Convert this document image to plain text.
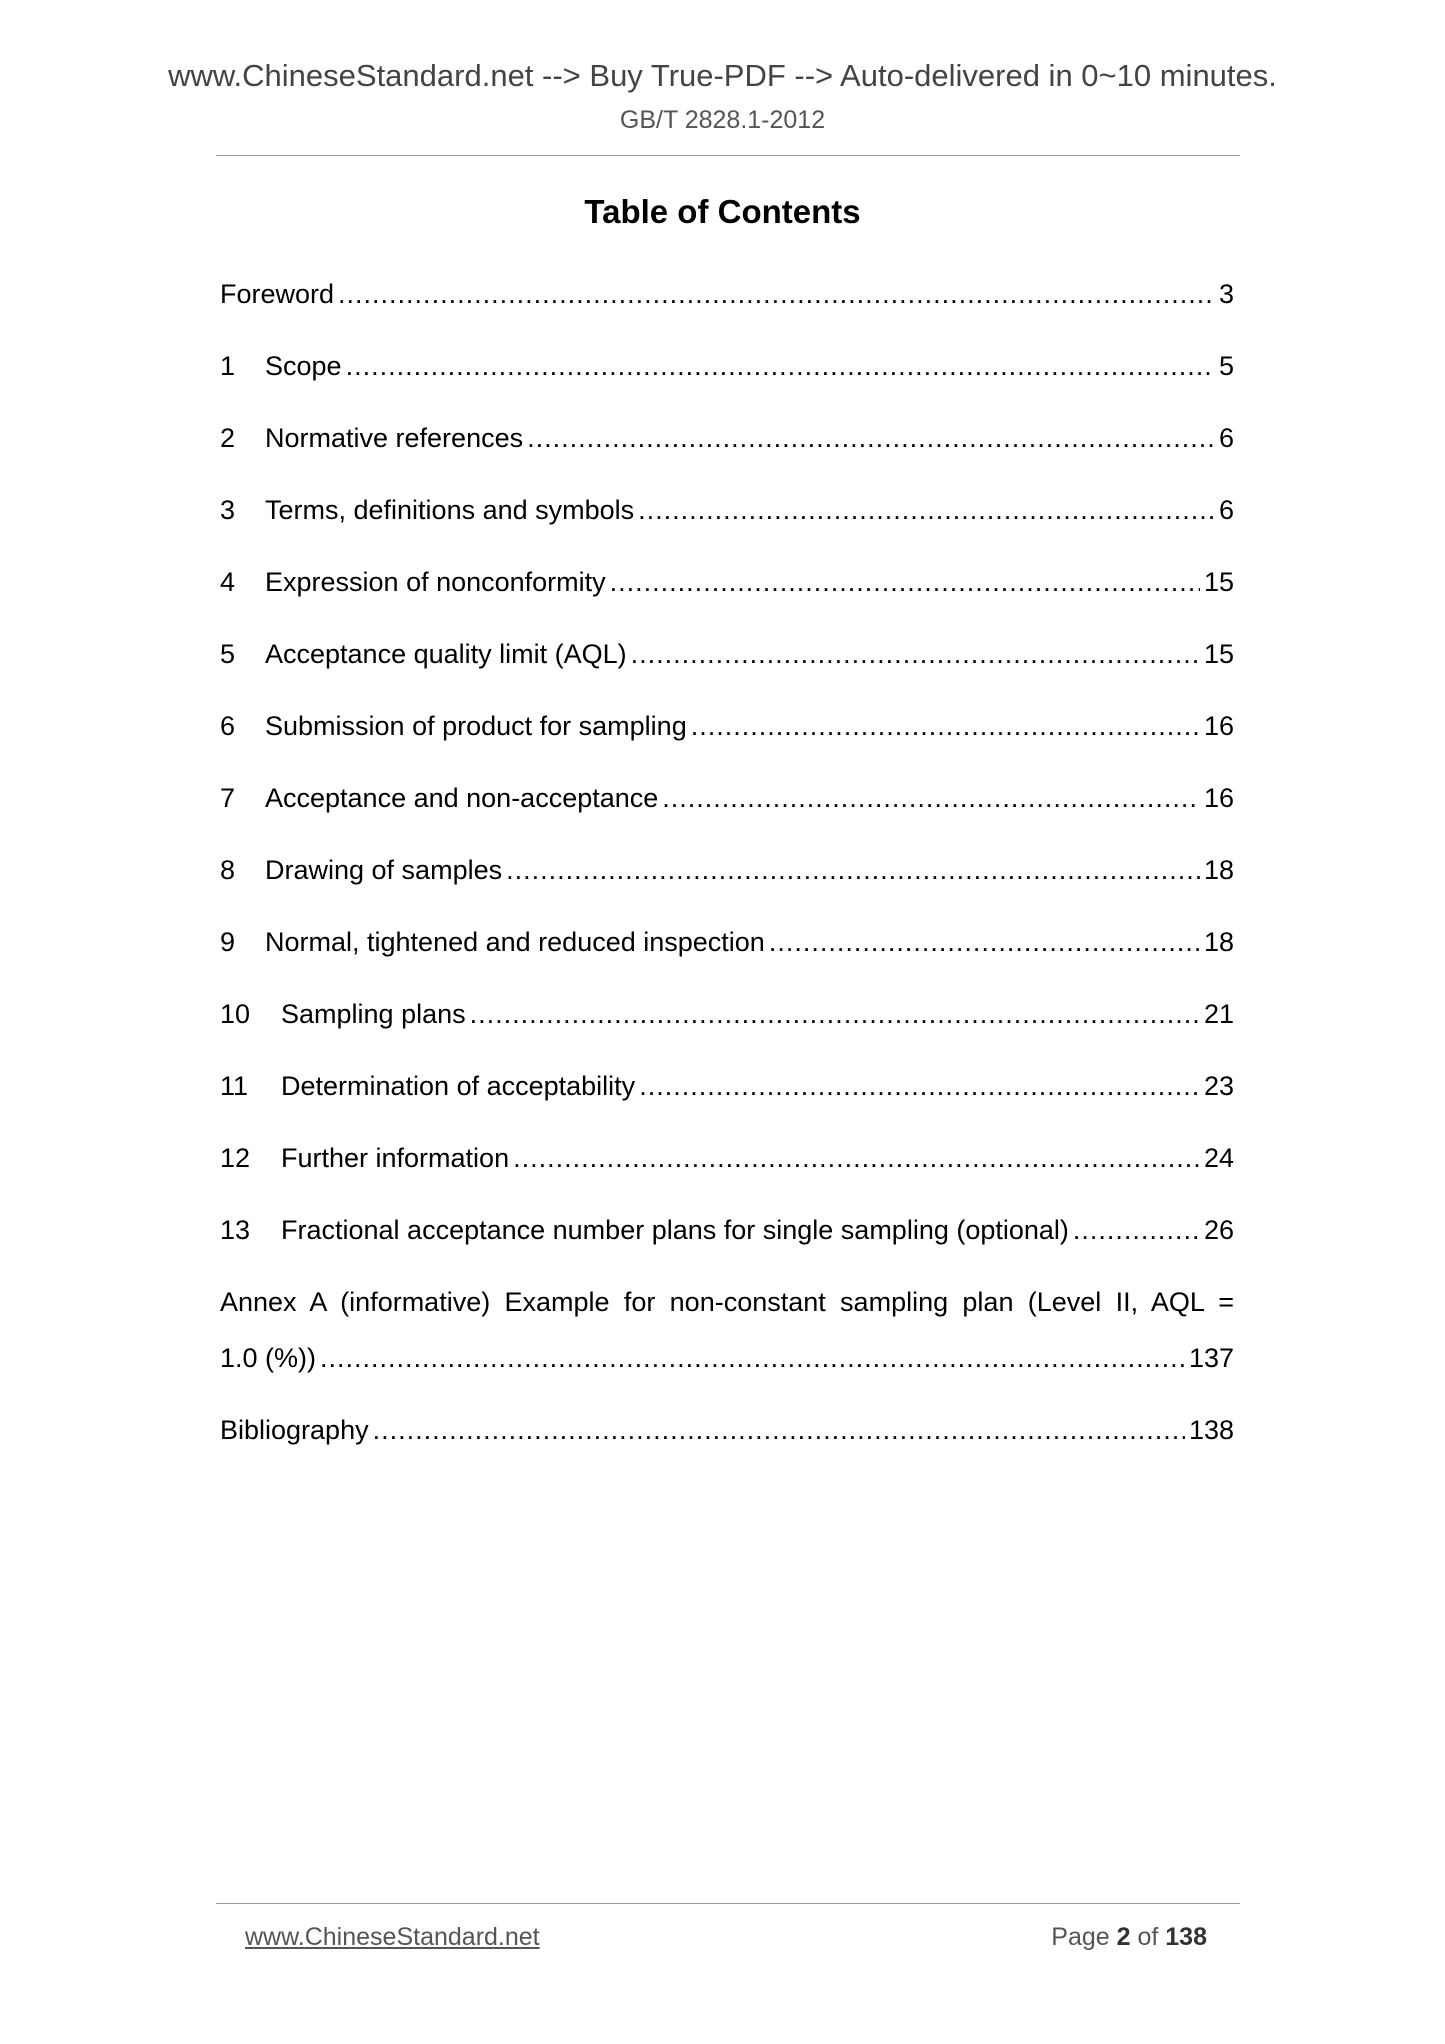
www.ChineseStandard.net --> Buy True-PDF --> Auto-delivered in 0~10 minutes.
GB/T 2828.1-2012
Table of Contents
Foreword .....	3
1	Scope .....	5
2	Normative references .....	6
3	Terms, definitions and symbols .....	6
4	Expression of nonconformity .....	15
5	Acceptance quality limit (AQL) .....	15
6	Submission of product for sampling .....	16
7	Acceptance and non-acceptance .....	16
8	Drawing of samples .....	18
9	Normal, tightened and reduced inspection .....	18
10	Sampling plans .....	21
11	Determination of acceptability .....	23
12	Further information .....	24
13	Fractional acceptance number plans for single sampling (optional) .....	26
Annex A (informative) Example for non-constant sampling plan (Level II, AQL =
1.0 (%)) .....	137
Bibliography .....	138
www.ChineseStandard.net	Page 2 of 138
